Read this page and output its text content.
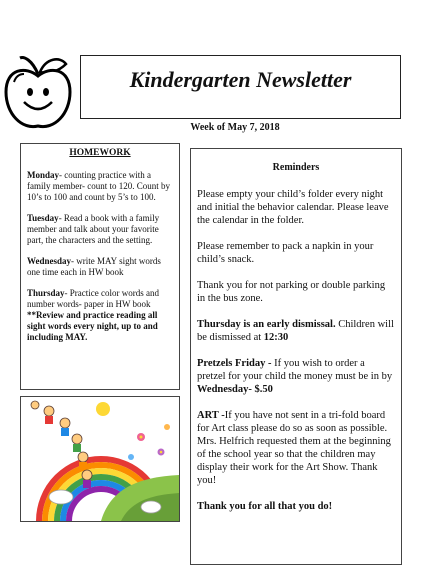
Kindergarten Newsletter
Week of May 7, 2018
HOMEWORK

Monday- counting practice with a family member- count to 120. Count by 10’s to 100 and count by 5’s to 100.

Tuesday- Read a book with a family member and talk about your favorite part, the characters and the setting.

Wednesday- write MAY sight words one time each in HW book

Thursday- Practice color words and number words- paper in HW book

**Review and practice reading all sight words every night, up to and including MAY.

Reminders

Please empty your child’s folder every night and initial the behavior calendar. Please leave the calendar in the folder.

Please remember to pack a napkin in your child’s snack.

Thank you for not parking or double parking in the bus zone.

Thursday is an early dismissal. Children will be dismissed at 12:30

Pretzels Friday - If you wish to order a pretzel for your child the money must be in by Wednesday- $.50

ART -If you have not sent in a tri-fold board for Art class please do so as soon as possible. Mrs. Helfrich requested them at the beginning of the school year so that the children may display their work for the Art Show. Thank you!

Thank you for all that you do!
